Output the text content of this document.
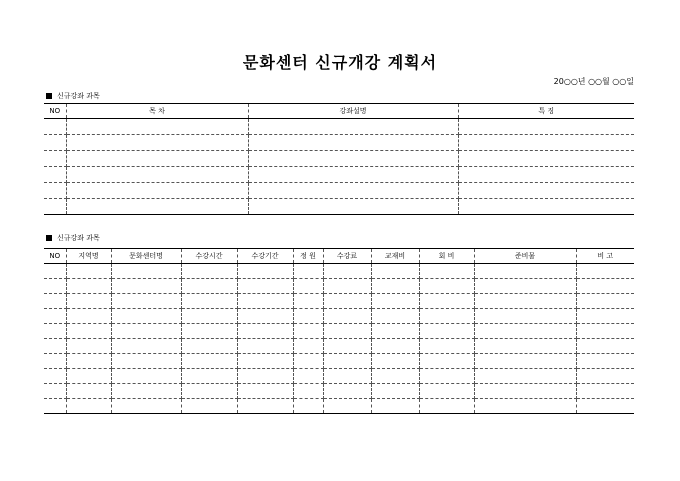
문화센터 신규개강 계획서
20○○년 ○○월 ○○일
신규강좌 과목
NO	목 차	강좌설명	특 징

신규강좌 과목
NO	지역명	문화센터명	수강시간	수강기간	정 원	수강료	교재비	회 비	준비물	비 고
